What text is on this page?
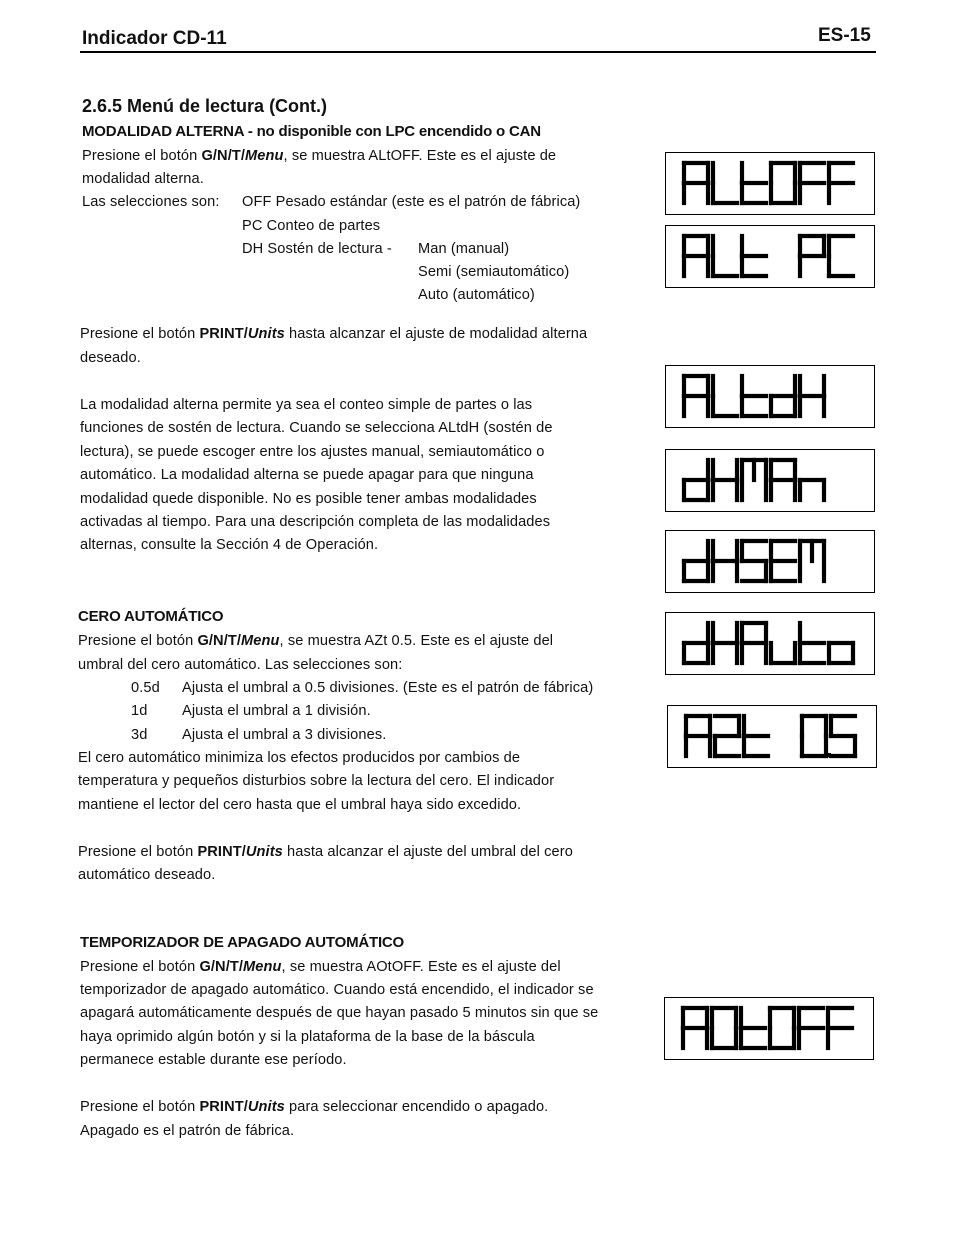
Indicador CD-11	ES-15
2.6.5 Menú de lectura (Cont.)
MODALIDAD ALTERNA - no disponible con LPC encendido o CAN
Presione el botón G/N/T/Menu, se muestra ALtOFF. Este es el ajuste de
modalidad alterna.
Las selecciones son: OFF Pesado estándar (este es el patrón de fábrica)
PC Conteo de partes
DH Sostén de lectura - Man (manual)
Semi (semiautomático)
Auto (automático)
Presione el botón PRINT/Units hasta alcanzar el ajuste de modalidad alterna
deseado.
La modalidad alterna permite ya sea el conteo simple de partes o las
funciones de sostén de lectura. Cuando se selecciona ALtdH (sostén de
lectura), se puede escoger entre los ajustes manual, semiautomático o
automático. La modalidad alterna se puede apagar para que ninguna
modalidad quede disponible. No es posible tener ambas modalidades
activadas al tiempo. Para una descripción completa de las modalidades
alternas, consulte la Sección 4 de Operación.
CERO AUTOMÁTICO
Presione el botón G/N/T/Menu, se muestra AZt 0.5. Este es el ajuste del
umbral del cero automático. Las selecciones son:
0.5d Ajusta el umbral a 0.5 divisiones. (Este es el patrón de fábrica)
1d Ajusta el umbral a 1 división.
3d Ajusta el umbral a 3 divisiones.
El cero automático minimiza los efectos producidos por cambios de
temperatura y pequeños disturbios sobre la lectura del cero. El indicador
mantiene el lector del cero hasta que el umbral haya sido excedido.
Presione el botón PRINT/Units hasta alcanzar el ajuste del umbral del cero
automático deseado.
TEMPORIZADOR DE APAGADO AUTOMÁTICO
Presione el botón G/N/T/Menu, se muestra AOtOFF. Este es el ajuste del
temporizador de apagado automático. Cuando está encendido, el indicador se
apagará automáticamente después de que hayan pasado 5 minutos sin que se
haya oprimido algún botón y si la plataforma de la base de la báscula
permanece estable durante ese período.
Presione el botón PRINT/Units para seleccionar encendido o apagado.
Apagado es el patrón de fábrica.
